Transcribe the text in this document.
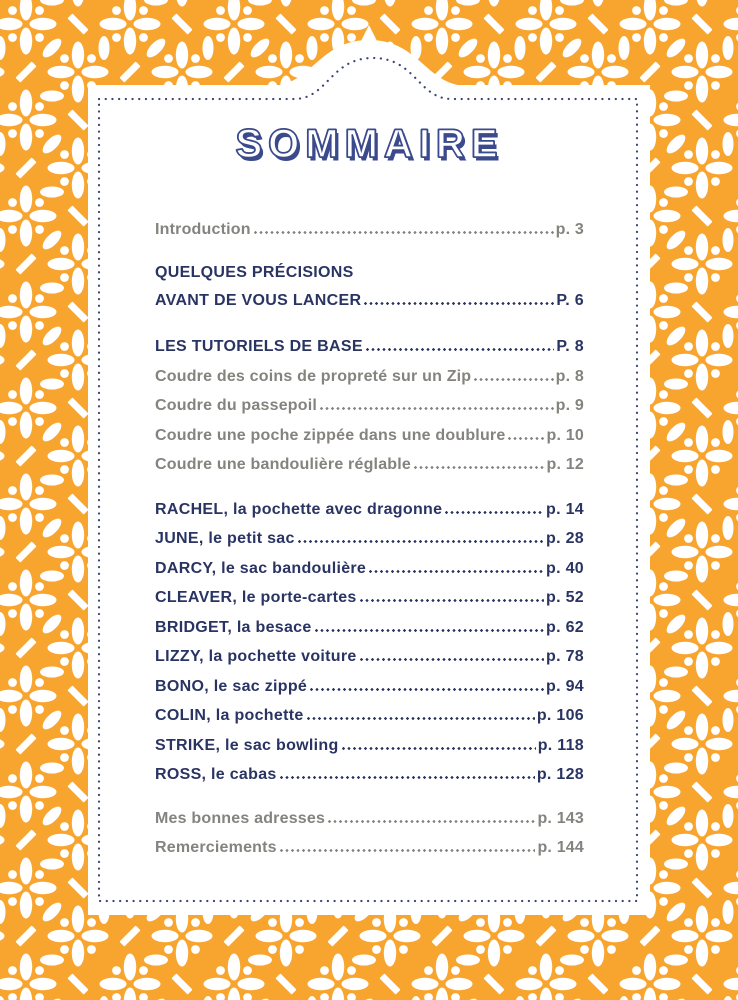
SOMMAIRE
Introduction	p. 3
QUELQUES PRÉCISIONS
AVANT DE VOUS LANCER	P. 6
LES TUTORIELS DE BASE	P. 8
Coudre des coins de propreté sur un Zip	p. 8
Coudre du passepoil	p. 9
Coudre une poche zippée dans une doublure	p. 10
Coudre une bandoulière réglable	p. 12
RACHEL, la pochette avec dragonne	p. 14
JUNE, le petit sac	p. 28
DARCY, le sac bandoulière	p. 40
CLEAVER, le porte-cartes	p. 52
BRIDGET, la besace	p. 62
LIZZY, la pochette voiture	p. 78
BONO, le sac zippé	p. 94
COLIN, la pochette	p. 106
STRIKE, le sac bowling	p. 118
ROSS, le cabas	p. 128
Mes bonnes adresses	p. 143
Remerciements	p. 144
